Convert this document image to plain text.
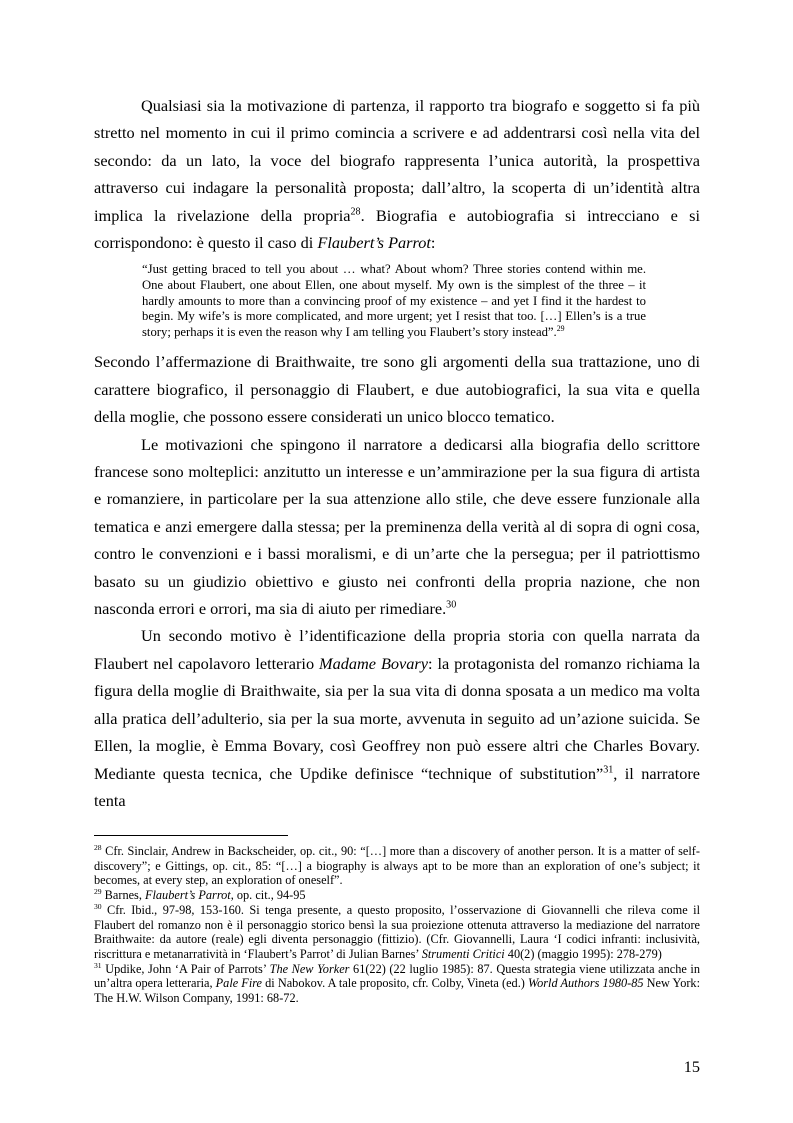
Qualsiasi sia la motivazione di partenza, il rapporto tra biografo e soggetto si fa più stretto nel momento in cui il primo comincia a scrivere e ad addentrarsi così nella vita del secondo: da un lato, la voce del biografo rappresenta l’unica autorità, la prospettiva attraverso cui indagare la personalità proposta; dall’altro, la scoperta di un’identità altra implica la rivelazione della propria$^{28}$. Biografia e autobiografia si intrecciano e si corrispondono: è questo il caso di Flaubert’s Parrot:

“Just getting braced to tell you about … what? About whom? Three stories contend within me. One about Flaubert, one about Ellen, one about myself. My own is the simplest of the three – it hardly amounts to more than a convincing proof of my existence – and yet I find it the hardest to begin. My wife’s is more complicated, and more urgent; yet I resist that too. […] Ellen’s is a true story; perhaps it is even the reason why I am telling you Flaubert’s story instead”.$^{29}$

Secondo l’affermazione di Braithwaite, tre sono gli argomenti della sua trattazione, uno di carattere biografico, il personaggio di Flaubert, e due autobiografici, la sua vita e quella della moglie, che possono essere considerati un unico blocco tematico.

Le motivazioni che spingono il narratore a dedicarsi alla biografia dello scrittore francese sono molteplici: anzitutto un interesse e un’ammirazione per la sua figura di artista e romanziere, in particolare per la sua attenzione allo stile, che deve essere funzionale alla tematica e anzi emergere dalla stessa; per la preminenza della verità al di sopra di ogni cosa, contro le convenzioni e i bassi moralismi, e di un’arte che la persegua; per il patriottismo basato su un giudizio obiettivo e giusto nei confronti della propria nazione, che non nasconda errori e orrori, ma sia di aiuto per rimediare.$^{30}$

Un secondo motivo è l’identificazione della propria storia con quella narrata da Flaubert nel capolavoro letterario Madame Bovary: la protagonista del romanzo richiama la figura della moglie di Braithwaite, sia per la sua vita di donna sposata a un medico ma volta alla pratica dell’adulterio, sia per la sua morte, avvenuta in seguito ad un’azione suicida. Se Ellen, la moglie, è Emma Bovary, così Geoffrey non può essere altri che Charles Bovary. Mediante questa tecnica, che Updike definisce “technique of substitution”$^{31}$, il narratore tenta

$^{28}$ Cfr. Sinclair, Andrew in Backscheider, op. cit., 90: “[…] more than a discovery of another person. It is a matter of self-discovery”; e Gittings, op. cit., 85: “[…] a biography is always apt to be more than an exploration of one’s subject; it becomes, at every step, an exploration of oneself”.

$^{29}$ Barnes, Flaubert’s Parrot, op. cit., 94-95

$^{30}$ Cfr. Ibid., 97-98, 153-160. Si tenga presente, a questo proposito, l’osservazione di Giovannelli che rileva come il Flaubert del romanzo non è il personaggio storico bensì la sua proiezione ottenuta attraverso la mediazione del narratore Braithwaite: da autore (reale) egli diventa personaggio (fittizio). (Cfr. Giovannelli, Laura ‘I codici infranti: inclusività, riscrittura e metanarratività in ‘Flaubert’s Parrot’ di Julian Barnes’ Strumenti Critici 40(2) (maggio 1995): 278-279)

$^{31}$ Updike, John ‘A Pair of Parrots’ The New Yorker 61(22) (22 luglio 1985): 87. Questa strategia viene utilizzata anche in un’altra opera letteraria, Pale Fire di Nabokov. A tale proposito, cfr. Colby, Vineta (ed.) World Authors 1980-85 New York: The H.W. Wilson Company, 1991: 68-72.

15
